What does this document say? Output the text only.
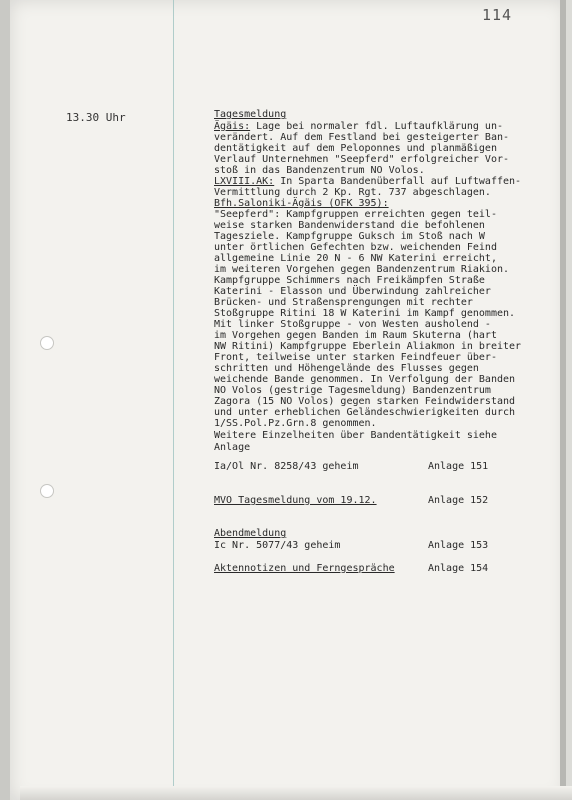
114
13.30 Uhr	Tagesmeldung
Ägäis: Lage bei normaler fdl. Luftaufklärung un-
verändert. Auf dem Festland bei gesteigerter Ban-
dentätigkeit auf dem Peloponnes und planmäßigen
Verlauf Unternehmen "Seepferd" erfolgreicher Vor-
stoß in das Bandenzentrum NO Volos.
LXVIII.AK: In Sparta Bandenüberfall auf Luftwaffen-
Vermittlung durch 2 Kp. Rgt. 737 abgeschlagen.
Bfh.Saloniki-Ägäis (OFK 395):
"Seepferd": Kampfgruppen erreichten gegen teil-
weise starken Bandenwiderstand die befohlenen
Tagesziele. Kampfgruppe Guksch im Stoß nach W
unter örtlichen Gefechten bzw. weichenden Feind
allgemeine Linie 20 N - 6 NW Katerini erreicht,
im weiteren Vorgehen gegen Bandenzentrum Riakion.
Kampfgruppe Schimmers nach Freikämpfen Straße
Katerini - Elasson und Überwindung zahlreicher
Brücken- und Straßensprengungen mit rechter
Stoßgruppe Ritini 18 W Katerini im Kampf genommen.
Mit linker Stoßgruppe - von Westen ausholend -
im Vorgehen gegen Banden im Raum Skuterna (hart
NW Ritini) Kampfgruppe Eberlein Aliakmon in breiter
Front, teilweise unter starken Feindfeuer über-
schritten und Höhengelände des Flusses gegen
weichende Bande genommen. In Verfolgung der Banden
NO Volos (gestrige Tagesmeldung) Bandenzentrum
Zagora (15 NO Volos) gegen starken Feindwiderstand
und unter erheblichen Geländeschwierigkeiten durch
1/SS.Pol.Pz.Grn.8 genommen.
Weitere Einzelheiten über Bandentätigkeit siehe
Anlage
Ia/Ol Nr. 8258/43 geheim	Anlage 151
MVO Tagesmeldung vom 19.12.	Anlage 152
Abendmeldung
Ic Nr. 5077/43 geheim	Anlage 153
Aktennotizen und Ferngespräche	Anlage 154
